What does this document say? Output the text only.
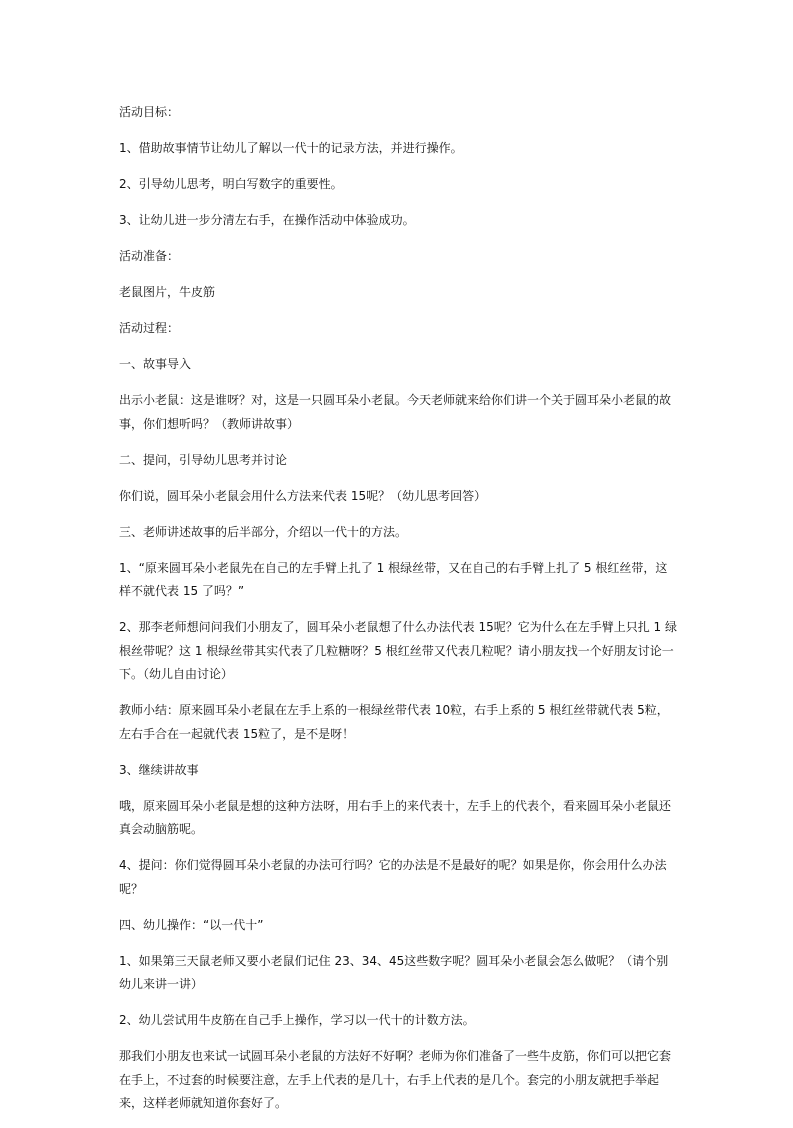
活动目标：

1、借助故事情节让幼儿了解以一代十的记录方法，并进行操作。

2、引导幼儿思考，明白写数字的重要性。

3、让幼儿进一步分清左右手，在操作活动中体验成功。

活动准备：

老鼠图片，牛皮筋

活动过程：

一、故事导入

出示小老鼠：这是谁呀？对，这是一只圆耳朵小老鼠。今天老师就来给你们讲一个关于圆耳朵小老鼠的故事，你们想听吗？（教师讲故事）

二、提问，引导幼儿思考并讨论

你们说，圆耳朵小老鼠会用什么方法来代表 15呢？（幼儿思考回答）

三、老师讲述故事的后半部分，介绍以一代十的方法。

1、“原来圆耳朵小老鼠先在自己的左手臂上扎了 1 根绿丝带，又在自己的右手臂上扎了 5 根红丝带，这样不就代表 15 了吗？”

2、那李老师想问问我们小朋友了，圆耳朵小老鼠想了什么办法代表 15呢？它为什么在左手臂上只扎 1 绿根丝带呢？这 1 根绿丝带其实代表了几粒糖呀？5 根红丝带又代表几粒呢？请小朋友找一个好朋友讨论一下。（幼儿自由讨论）

教师小结：原来圆耳朵小老鼠在左手上系的一根绿丝带代表 10粒，右手上系的 5 根红丝带就代表 5粒，左右手合在一起就代表 15粒了，是不是呀！

3、继续讲故事

哦，原来圆耳朵小老鼠是想的这种方法呀，用右手上的来代表十，左手上的代表个，看来圆耳朵小老鼠还真会动脑筋呢。

4、提问：你们觉得圆耳朵小老鼠的办法可行吗？它的办法是不是最好的呢？如果是你，你会用什么办法呢？

四、幼儿操作：“以一代十”

1、如果第三天鼠老师又要小老鼠们记住 23、34、45这些数字呢？圆耳朵小老鼠会怎么做呢？（请个别幼儿来讲一讲）

2、幼儿尝试用牛皮筋在自己手上操作，学习以一代十的计数方法。

那我们小朋友也来试一试圆耳朵小老鼠的方法好不好啊？老师为你们准备了一些牛皮筋，你们可以把它套在手上，不过套的时候要注意，左手上代表的是几十，右手上代表的是几个。套完的小朋友就把手举起来，这样老师就知道你套好了。
